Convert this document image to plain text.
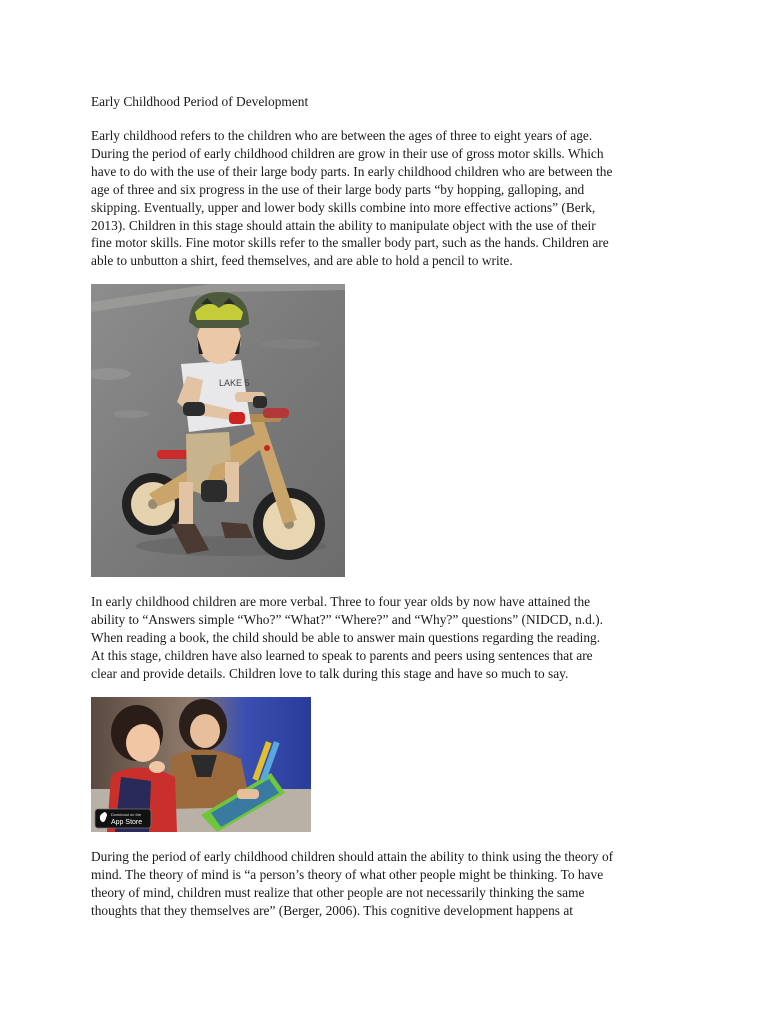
Early Childhood Period of Development
Early childhood refers to the children who are between the ages of three to eight years of age.
During the period of early childhood children are grow in their use of gross motor skills. Which
have to do with the use of their large body parts. In early childhood children who are between the
age of three and six progress in the use of their large body parts “by hopping, galloping, and
skipping. Eventually, upper and lower body skills combine into more effective actions” (Berk,
2013). Children in this stage should attain the ability to manipulate object with the use of their
fine motor skills. Fine motor skills refer to the smaller body part, such as the hands. Children are
able to unbutton a shirt, feed themselves, and are able to hold a pencil to write.
LAKE 5
In early childhood children are more verbal. Three to four year olds by now have attained the
ability to “Answers simple “Who?” “What?” “Where?” and “Why?” questions” (NIDCD, n.d.).
When reading a book, the child should be able to answer main questions regarding the reading.
At this stage, children have also learned to speak to parents and peers using sentences that are
clear and provide details. Children love to talk during this stage and have so much to say.
Download on the
App Store
During the period of early childhood children should attain the ability to think using the theory of
mind. The theory of mind is “a person’s theory of what other people might be thinking. To have
theory of mind, children must realize that other people are not necessarily thinking the same
thoughts that they themselves are” (Berger, 2006). This cognitive development happens at
